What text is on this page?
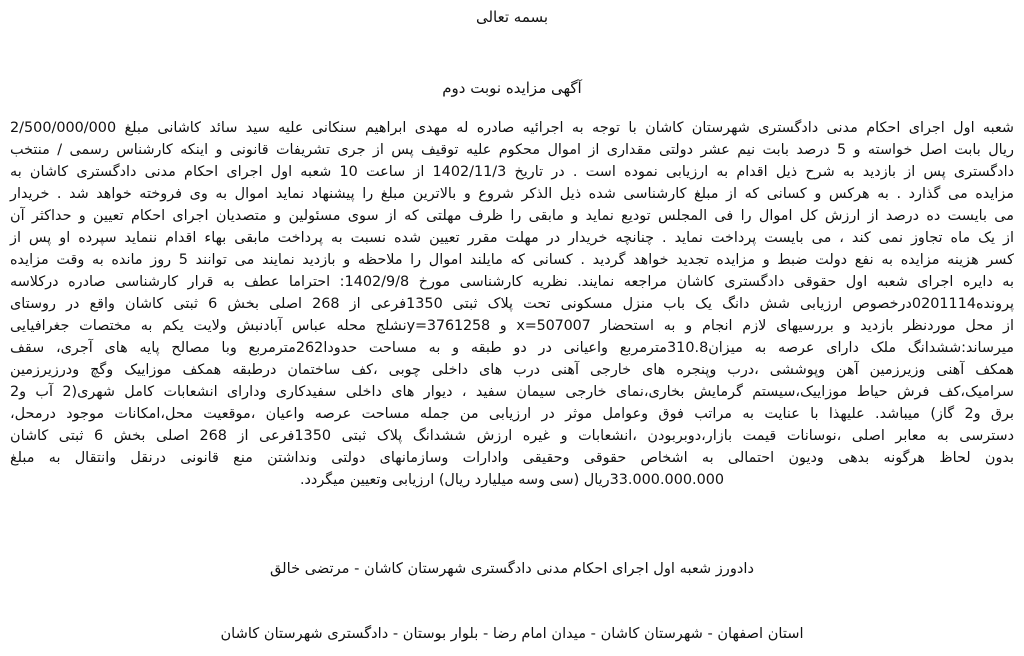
بسمه تعالی
آگهی مزایده نوبت دوم
شعبه اول اجرای احکام مدنی دادگستری شهرستان کاشان با توجه به اجرائیه صادره له مهدی ابراهیم سنکانی علیه سید سائد کاشانی مبلغ 2/500/000/000
ریال بابت اصل خواسته و 5 درصد بابت نیم عشر دولتی مقداری از اموال محکوم علیه توقیف پس از جری تشریفات قانونی و اینکه کارشناس رسمی / منتخب
دادگستری پس از بازدید به شرح ذیل اقدام به ارزیابی نموده است . در تاریخ 1402/11/3 از ساعت 10 شعبه اول اجرای احکام مدنی دادگستری کاشان به
مزایده می گذارد . به هرکس و کسانی که از مبلغ کارشناسی شده ذیل الذکر شروع و بالاترین مبلغ را پیشنهاد نماید اموال به وی فروخته خواهد شد . خریدار
می بایست ده درصد از ارزش کل اموال را فی المجلس تودیع نماید و مابقی را ظرف مهلتی که از سوی مسئولین و متصدیان اجرای احکام تعیین و حداکثر آن
از یک ماه تجاوز نمی کند ، می بایست پرداخت نماید . چنانچه خریدار در مهلت مقرر تعیین شده نسبت به پرداخت مابقی بهاء اقدام ننماید سپرده او پس از
کسر هزینه مزایده به نفع دولت ضبط و مزایده تجدید خواهد گردید . کسانی که مایلند اموال را ملاحظه و بازدید نمایند می توانند 5 روز مانده به وقت مزایده
به دایره اجرای شعبه اول حقوقی دادگستری کاشان مراجعه نمایند. نظریه کارشناسی مورخ 1402/9/8: احتراما عطف به قرار کارشناسی صادره درکلاسه
پرونده0201114درخصوص ارزیابی شش دانگ یک باب منزل مسکونی تحت پلاک ثبتی 1350فرعی از 268 اصلی بخش 6 ثبتی کاشان واقع در روستای
از محل موردنظر بازدید و بررسیهای لازم انجام و به استحضار x=507007 و y=3761258نشلج محله عباس آبادنبش ولایت یکم به مختصات جغرافیایی
میرساند:ششدانگ ملک دارای عرصه به میزان310.8مترمربع واعیانی در دو طبقه و به مساحت حدودا262مترمربع وبا مصالح پایه های آجری، سقف
همکف آهنی وزیرزمین آهن وپوششی ،درب وپنجره های خارجی آهنی درب های داخلی چوبی ،کف ساختمان درطبقه همکف موزاییک وگچ ودرزیرزمین
سرامیک،کف فرش حیاط موزاییک،سیستم گرمایش بخاری،نمای خارجی سیمان سفید ، دیوار های داخلی سفیدکاری ودارای انشعابات کامل شهری(2 آب و2
برق و2 گاز) میباشد. علیهذا با عنایت به مراتب فوق وعوامل موثر در ارزیابی من جمله مساحت عرصه واعیان ،موقعیت محل،امکانات موجود درمحل،
دسترسی به معابر اصلی ،نوسانات قیمت بازار،دوبربودن ،انشعابات و غیره ارزش ششدانگ پلاک ثبتی 1350فرعی از 268 اصلی بخش 6 ثبتی کاشان
بدون لحاظ هرگونه بدهی ودیون احتمالی به اشخاص حقوقی وحقیقی وادارات وسازمانهای دولتی ونداشتن منع قانونی درنقل وانتقال به مبلغ
33.000.000.000ریال (سی وسه میلیارد ریال) ارزیابی وتعیین میگردد.
دادورز شعبه اول اجرای احکام مدنی دادگستری شهرستان کاشان - مرتضی خالق
استان اصفهان - شهرستان کاشان - میدان امام رضا - بلوار بوستان - دادگستری شهرستان کاشان
